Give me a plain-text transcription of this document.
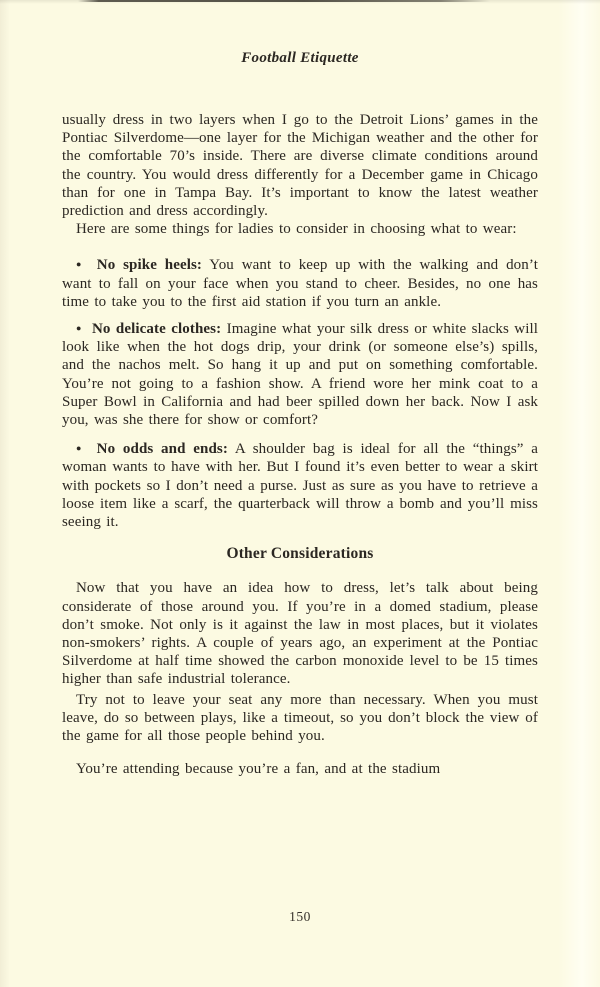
Football Etiquette

usually dress in two layers when I go to the Detroit Lions’ games in the Pontiac Silverdome—one layer for the Michigan weather and the other for the comfortable 70’s inside. There are diverse climate conditions around the country. You would dress differently for a December game in Chicago than for one in Tampa Bay. It’s important to know the latest weather prediction and dress accordingly.

Here are some things for ladies to consider in choosing what to wear:

● No spike heels: You want to keep up with the walking and don’t want to fall on your face when you stand to cheer. Besides, no one has time to take you to the first aid station if you turn an ankle.

● No delicate clothes: Imagine what your silk dress or white slacks will look like when the hot dogs drip, your drink (or someone else’s) spills, and the nachos melt. So hang it up and put on something comfortable. You’re not going to a fashion show. A friend wore her mink coat to a Super Bowl in California and had beer spilled down her back. Now I ask you, was she there for show or comfort?

● No odds and ends: A shoulder bag is ideal for all the “things” a woman wants to have with her. But I found it’s even better to wear a skirt with pockets so I don’t need a purse. Just as sure as you have to retrieve a loose item like a scarf, the quarterback will throw a bomb and you’ll miss seeing it.

Other Considerations

Now that you have an idea how to dress, let’s talk about being considerate of those around you. If you’re in a domed stadium, please don’t smoke. Not only is it against the law in most places, but it violates non-smokers’ rights. A couple of years ago, an experiment at the Pontiac Silverdome at half time showed the carbon monoxide level to be 15 times higher than safe industrial tolerance.

Try not to leave your seat any more than necessary. When you must leave, do so between plays, like a timeout, so you don’t block the view of the game for all those people behind you.

You’re attending because you’re a fan, and at the stadium

150
